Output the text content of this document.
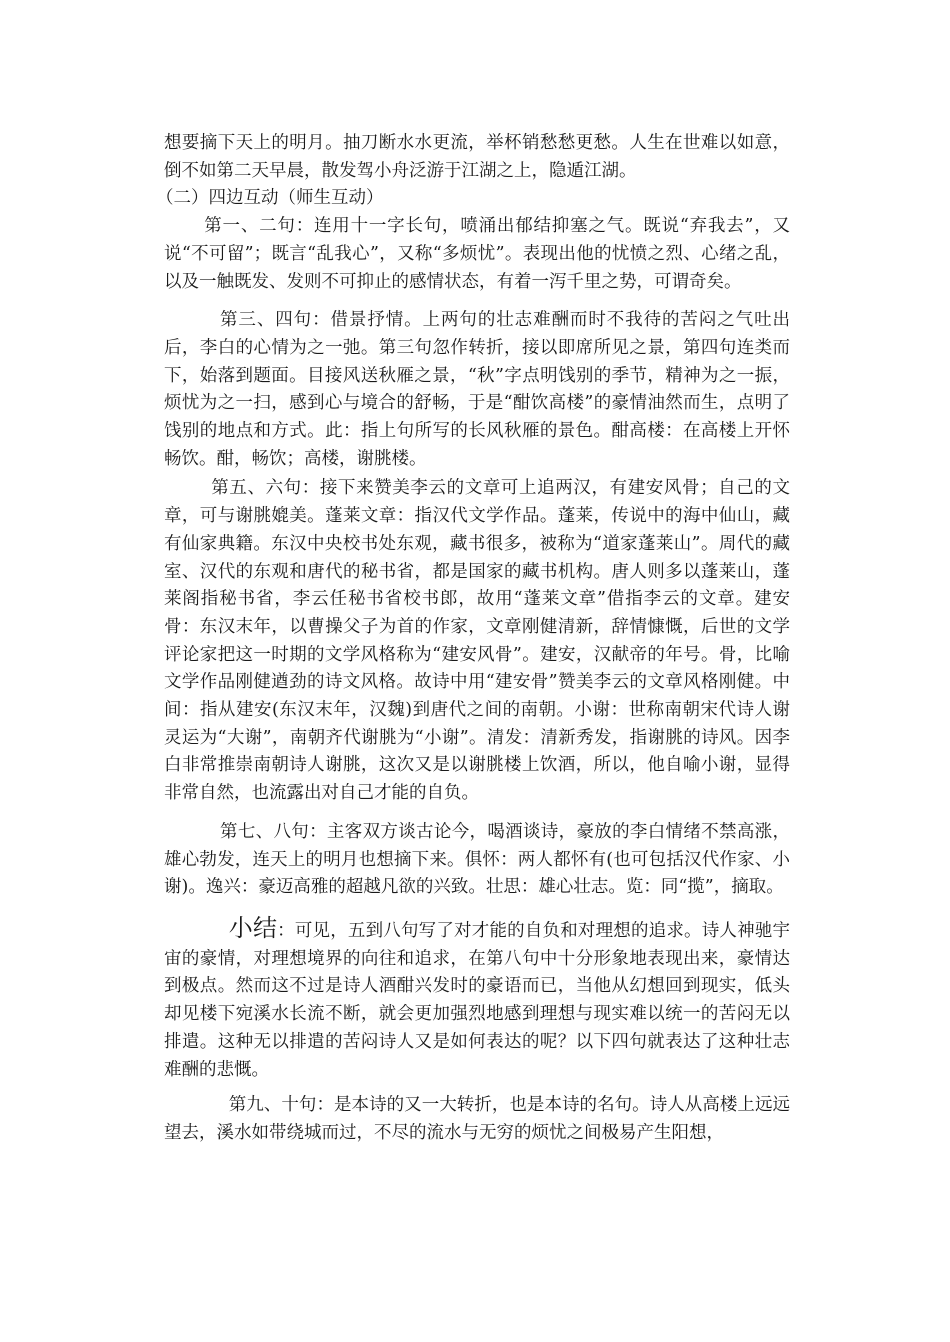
想要摘下天上的明月。抽刀断水水更流，举杯销愁愁更愁。人生在世难以如意，倒不如第二天早晨，散发驾小舟泛游于江湖之上，隐遁江湖。

（二）四边互动（师生互动）

第一、二句：连用十一字长句，喷涌出郁结抑塞之气。既说“弃我去”，又说“不可留”；既言“乱我心”，又称“多烦忧”。表现出他的忧愤之烈、心绪之乱，以及一触既发、发则不可抑止的感情状态，有着一泻千里之势，可谓奇矣。

第三、四句：借景抒情。上两句的壮志难酬而时不我待的苦闷之气吐出后，李白的心情为之一弛。第三句忽作转折，接以即席所见之景，第四句连类而下，始落到题面。目接风送秋雁之景，“秋”字点明饯别的季节，精神为之一振，烦忧为之一扫，感到心与境合的舒畅，于是“酣饮高楼”的豪情油然而生，点明了饯别的地点和方式。此：指上句所写的长风秋雁的景色。酣高楼：在高楼上开怀畅饮。酣，畅饮；高楼，谢朓楼。

第五、六句：接下来赞美李云的文章可上追两汉，有建安风骨；自己的文章，可与谢朓媲美。蓬莱文章：指汉代文学作品。蓬莱，传说中的海中仙山，藏有仙家典籍。东汉中央校书处东观，藏书很多，被称为“道家蓬莱山”。周代的藏室、汉代的东观和唐代的秘书省，都是国家的藏书机构。唐人则多以蓬莱山，蓬莱阁指秘书省，李云任秘书省校书郎，故用“蓬莱文章”借指李云的文章。建安骨：东汉末年，以曹操父子为首的作家，文章刚健清新，辞情慷慨，后世的文学评论家把这一时期的文学风格称为“建安风骨”。建安，汉献帝的年号。骨，比喻文学作品刚健遒劲的诗文风格。故诗中用“建安骨”赞美李云的文章风格刚健。中间：指从建安(东汉末年，汉魏)到唐代之间的南朝。小谢：世称南朝宋代诗人谢灵运为“大谢”，南朝齐代谢朓为“小谢”。清发：清新秀发，指谢朓的诗风。因李白非常推崇南朝诗人谢朓，这次又是以谢朓楼上饮酒，所以，他自喻小谢，显得非常自然，也流露出对自己才能的自负。

第七、八句：主客双方谈古论今，喝酒谈诗，豪放的李白情绪不禁高涨，雄心勃发，连天上的明月也想摘下来。俱怀：两人都怀有(也可包括汉代作家、小谢)。逸兴：豪迈高雅的超越凡欲的兴致。壮思：雄心壮志。览：同“揽”，摘取。

小结：可见，五到八句写了对才能的自负和对理想的追求。诗人神驰宇宙的豪情，对理想境界的向往和追求，在第八句中十分形象地表现出来，豪情达到极点。然而这不过是诗人酒酣兴发时的豪语而已，当他从幻想回到现实，低头却见楼下宛溪水长流不断，就会更加强烈地感到理想与现实难以统一的苦闷无以排遣。这种无以排遣的苦闷诗人又是如何表达的呢？以下四句就表达了这种壮志难酬的悲慨。

第九、十句：是本诗的又一大转折，也是本诗的名句。诗人从高楼上远远望去，溪水如带绕城而过，不尽的流水与无穷的烦忧之间极易产生阳想，
